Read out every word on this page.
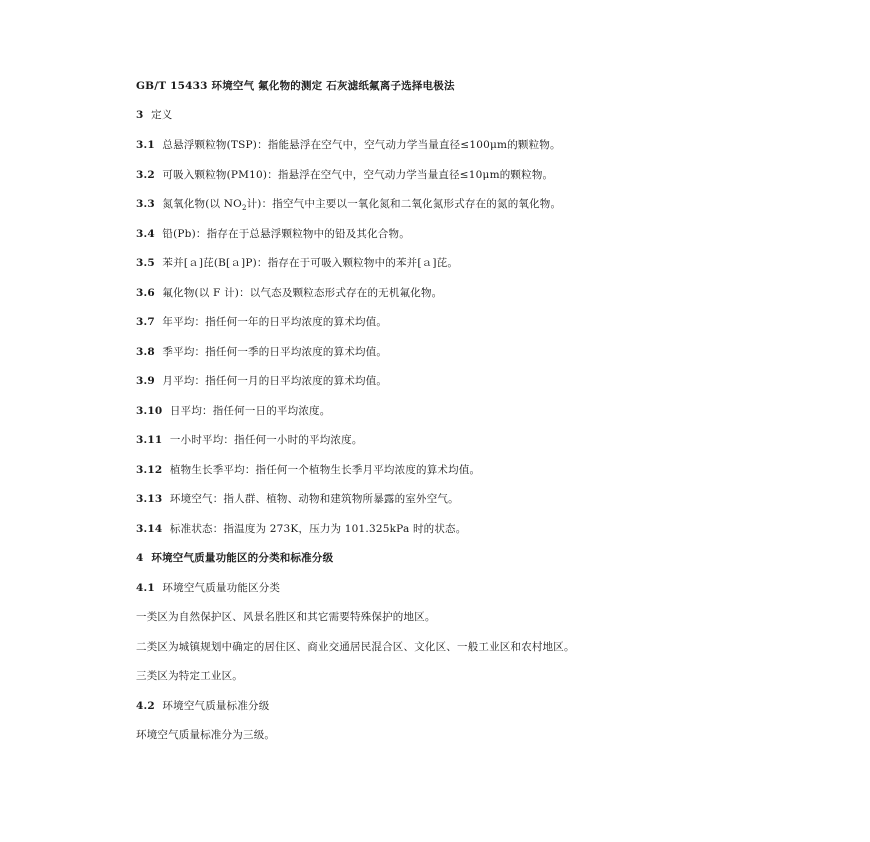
GB/T 15433 环境空气 氟化物的测定 石灰滤纸氟离子选择电极法
3 定义
3.1 总悬浮颗粒物(TSP)：指能悬浮在空气中，空气动力学当量直径≤100μm的颗粒物。
3.2 可吸入颗粒物(PM10)：指悬浮在空气中，空气动力学当量直径≤10μm的颗粒物。
3.3 氮氧化物(以 $NO_2$计)：指空气中主要以一氧化氮和二氧化氮形式存在的氮的氧化物。
3.4 铅(Pb)：指存在于总悬浮颗粒物中的铅及其化合物。
3.5 苯并[ａ]芘(B[ａ]P)：指存在于可吸入颗粒物中的苯并[ａ]芘。
3.6 氟化物(以 F 计)：以气态及颗粒态形式存在的无机氟化物。
3.7 年平均：指任何一年的日平均浓度的算术均值。
3.8 季平均：指任何一季的日平均浓度的算术均值。
3.9 月平均：指任何一月的日平均浓度的算术均值。
3.10 日平均：指任何一日的平均浓度。
3.11 一小时平均：指任何一小时的平均浓度。
3.12 植物生长季平均：指任何一个植物生长季月平均浓度的算术均值。
3.13 环境空气：指人群、植物、动物和建筑物所暴露的室外空气。
3.14 标准状态：指温度为 273K，压力为 101.325kPa 时的状态。
4 环境空气质量功能区的分类和标准分级
4.1 环境空气质量功能区分类
一类区为自然保护区、风景名胜区和其它需要特殊保护的地区。
二类区为城镇规划中确定的居住区、商业交通居民混合区、文化区、一般工业区和农村地区。
三类区为特定工业区。
4.2 环境空气质量标准分级
环境空气质量标准分为三级。
